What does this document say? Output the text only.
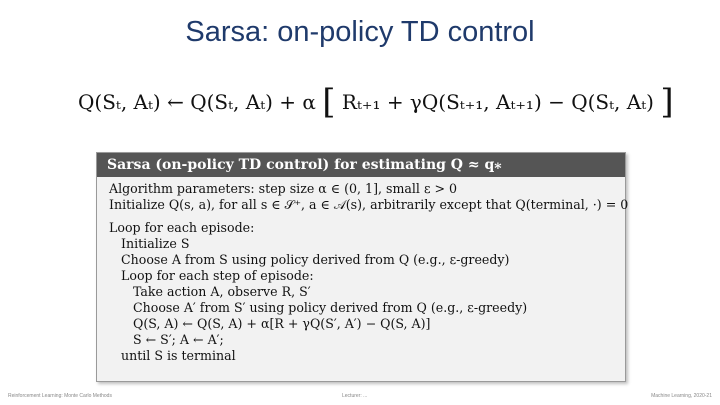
Sarsa: on-policy TD control
Q(Sₜ, Aₜ) ← Q(Sₜ, Aₜ) + α [ Rₜ₊₁ + γQ(Sₜ₊₁, Aₜ₊₁) − Q(Sₜ, Aₜ) ]
Sarsa (on-policy TD control) for estimating Q ≈ q⁎
Algorithm parameters: step size α ∈ (0, 1], small ε > 0
Initialize Q(s, a), for all s ∈ 𝒮⁺, a ∈ 𝒜(s), arbitrarily except that Q(terminal, ·) = 0
Loop for each episode:
Initialize S
Choose A from S using policy derived from Q (e.g., ε-greedy)
Loop for each step of episode:
Take action A, observe R, S′
Choose A′ from S′ using policy derived from Q (e.g., ε-greedy)
Q(S, A) ← Q(S, A) + α[R + γQ(S′, A′) − Q(S, A)]
S ← S′; A ← A′;
until S is terminal
Reinforcement Learning: Monte Carlo Methods	Lecturer: ...	Machine Learning, 2020-21
